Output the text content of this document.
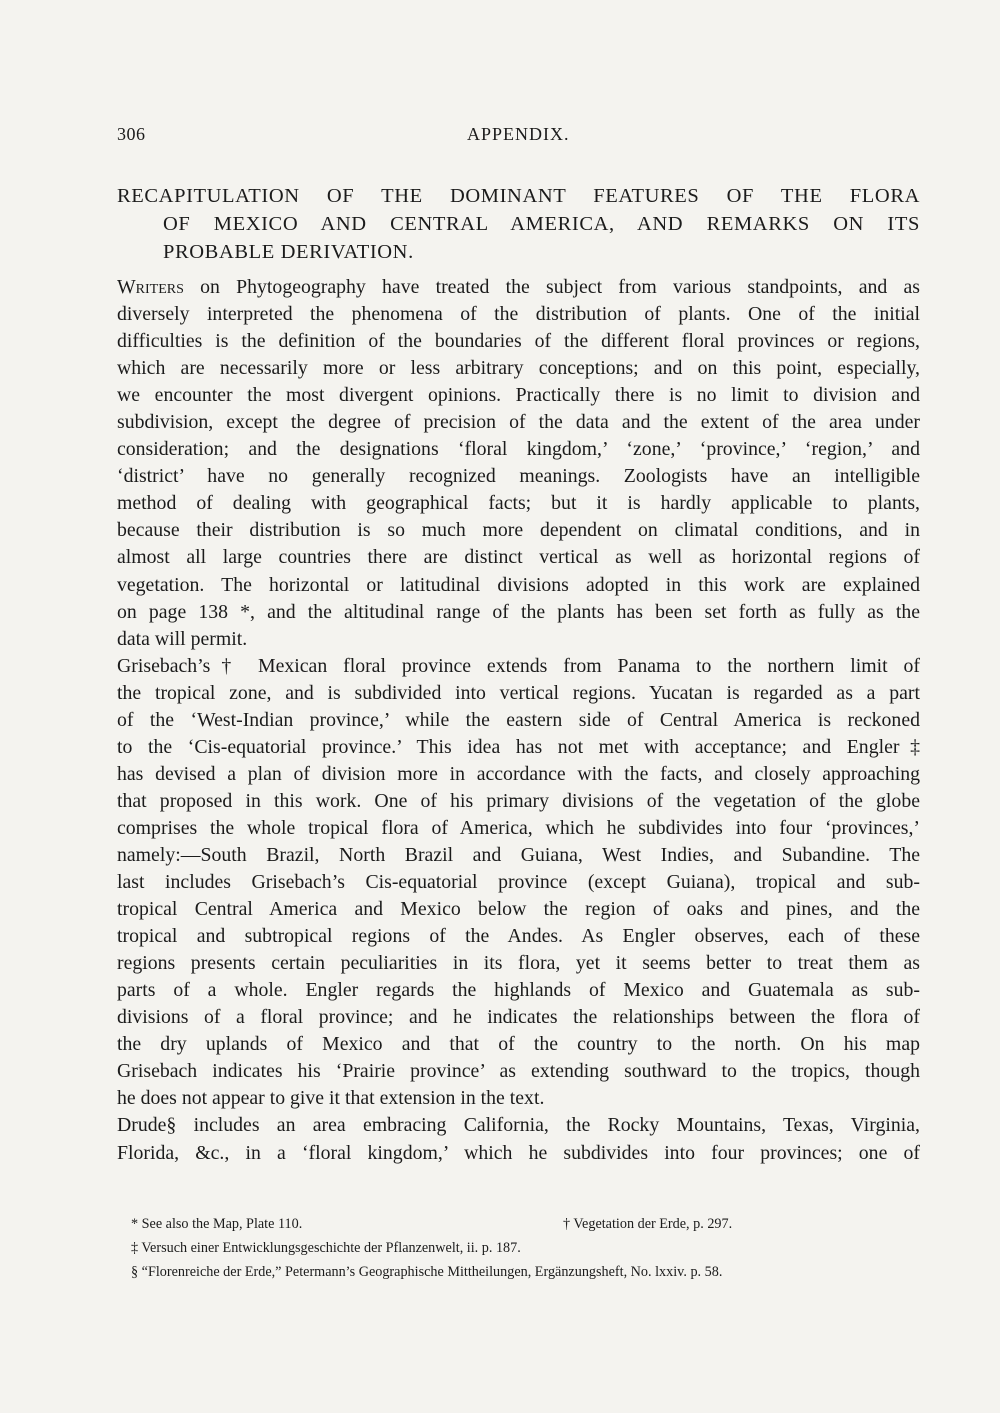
306	APPENDIX.
RECAPITULATION OF THE DOMINANT FEATURES OF THE FLORA
OF MEXICO AND CENTRAL AMERICA, AND REMARKS ON ITS
PROBABLE DERIVATION.
Writers on Phytogeography have treated the subject from various standpoints, and as
diversely interpreted the phenomena of the distribution of plants. One of the initial
difficulties is the definition of the boundaries of the different floral provinces or regions,
which are necessarily more or less arbitrary conceptions; and on this point, especially,
we encounter the most divergent opinions. Practically there is no limit to division and
subdivision, except the degree of precision of the data and the extent of the area under
consideration; and the designations ‘floral kingdom,’ ‘zone,’ ‘province,’ ‘region,’ and
‘district’ have no generally recognized meanings. Zoologists have an intelligible
method of dealing with geographical facts; but it is hardly applicable to plants,
because their distribution is so much more dependent on climatal conditions, and in
almost all large countries there are distinct vertical as well as horizontal regions of
vegetation. The horizontal or latitudinal divisions adopted in this work are explained
on page 138 *, and the altitudinal range of the plants has been set forth as fully as the
data will permit.
Grisebach’s† Mexican floral province extends from Panama to the northern limit of
the tropical zone, and is subdivided into vertical regions. Yucatan is regarded as a part
of the ‘West-Indian province,’ while the eastern side of Central America is reckoned
to the ‘Cis-equatorial province.’ This idea has not met with acceptance; and Engler‡
has devised a plan of division more in accordance with the facts, and closely approaching
that proposed in this work. One of his primary divisions of the vegetation of the globe
comprises the whole tropical flora of America, which he subdivides into four ‘provinces,’
namely:—South Brazil, North Brazil and Guiana, West Indies, and Subandine. The
last includes Grisebach’s Cis-equatorial province (except Guiana), tropical and sub-
tropical Central America and Mexico below the region of oaks and pines, and the
tropical and subtropical regions of the Andes. As Engler observes, each of these
regions presents certain peculiarities in its flora, yet it seems better to treat them as
parts of a whole. Engler regards the highlands of Mexico and Guatemala as sub-
divisions of a floral province; and he indicates the relationships between the flora of
the dry uplands of Mexico and that of the country to the north. On his map
Grisebach indicates his ‘Prairie province’ as extending southward to the tropics, though
he does not appear to give it that extension in the text.
Drude§ includes an area embracing California, the Rocky Mountains, Texas, Virginia,
Florida, &c., in a ‘floral kingdom,’ which he subdivides into four provinces; one of
* See also the Map, Plate 110.	† Vegetation der Erde, p. 297.
‡ Versuch einer Entwicklungsgeschichte der Pflanzenwelt, ii. p. 187.
§ “Florenreiche der Erde,” Petermann’s Geographische Mittheilungen, Ergänzungsheft, No. lxxiv. p. 58.
